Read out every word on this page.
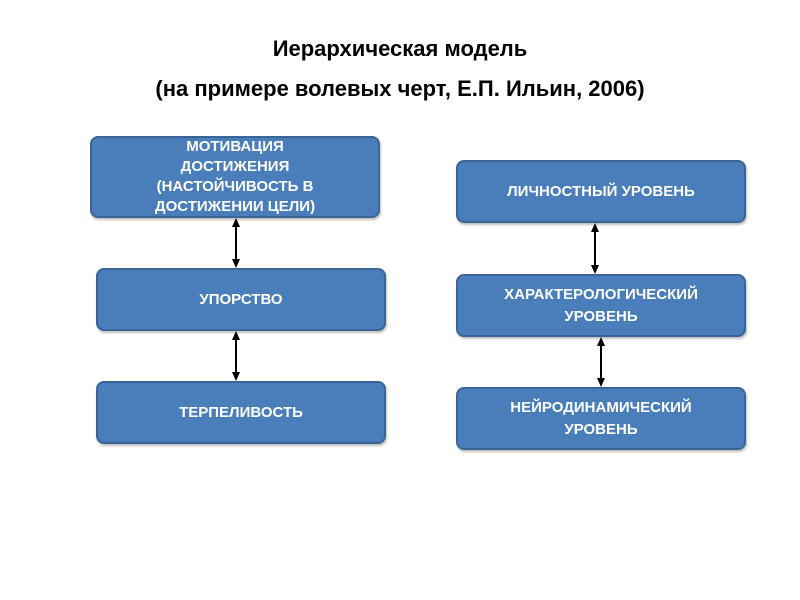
Иерархическая модель
(на примере волевых черт, Е.П. Ильин, 2006)
МОТИВАЦИЯ
ДОСТИЖЕНИЯ
(НАСТОЙЧИВОСТЬ В
ДОСТИЖЕНИИ ЦЕЛИ)
УПОРСТВО
ТЕРПЕЛИВОСТЬ
ЛИЧНОСТНЫЙ УРОВЕНЬ
ХАРАКТЕРОЛОГИЧЕСКИЙ
УРОВЕНЬ
НЕЙРОДИНАМИЧЕСКИЙ
УРОВЕНЬ
